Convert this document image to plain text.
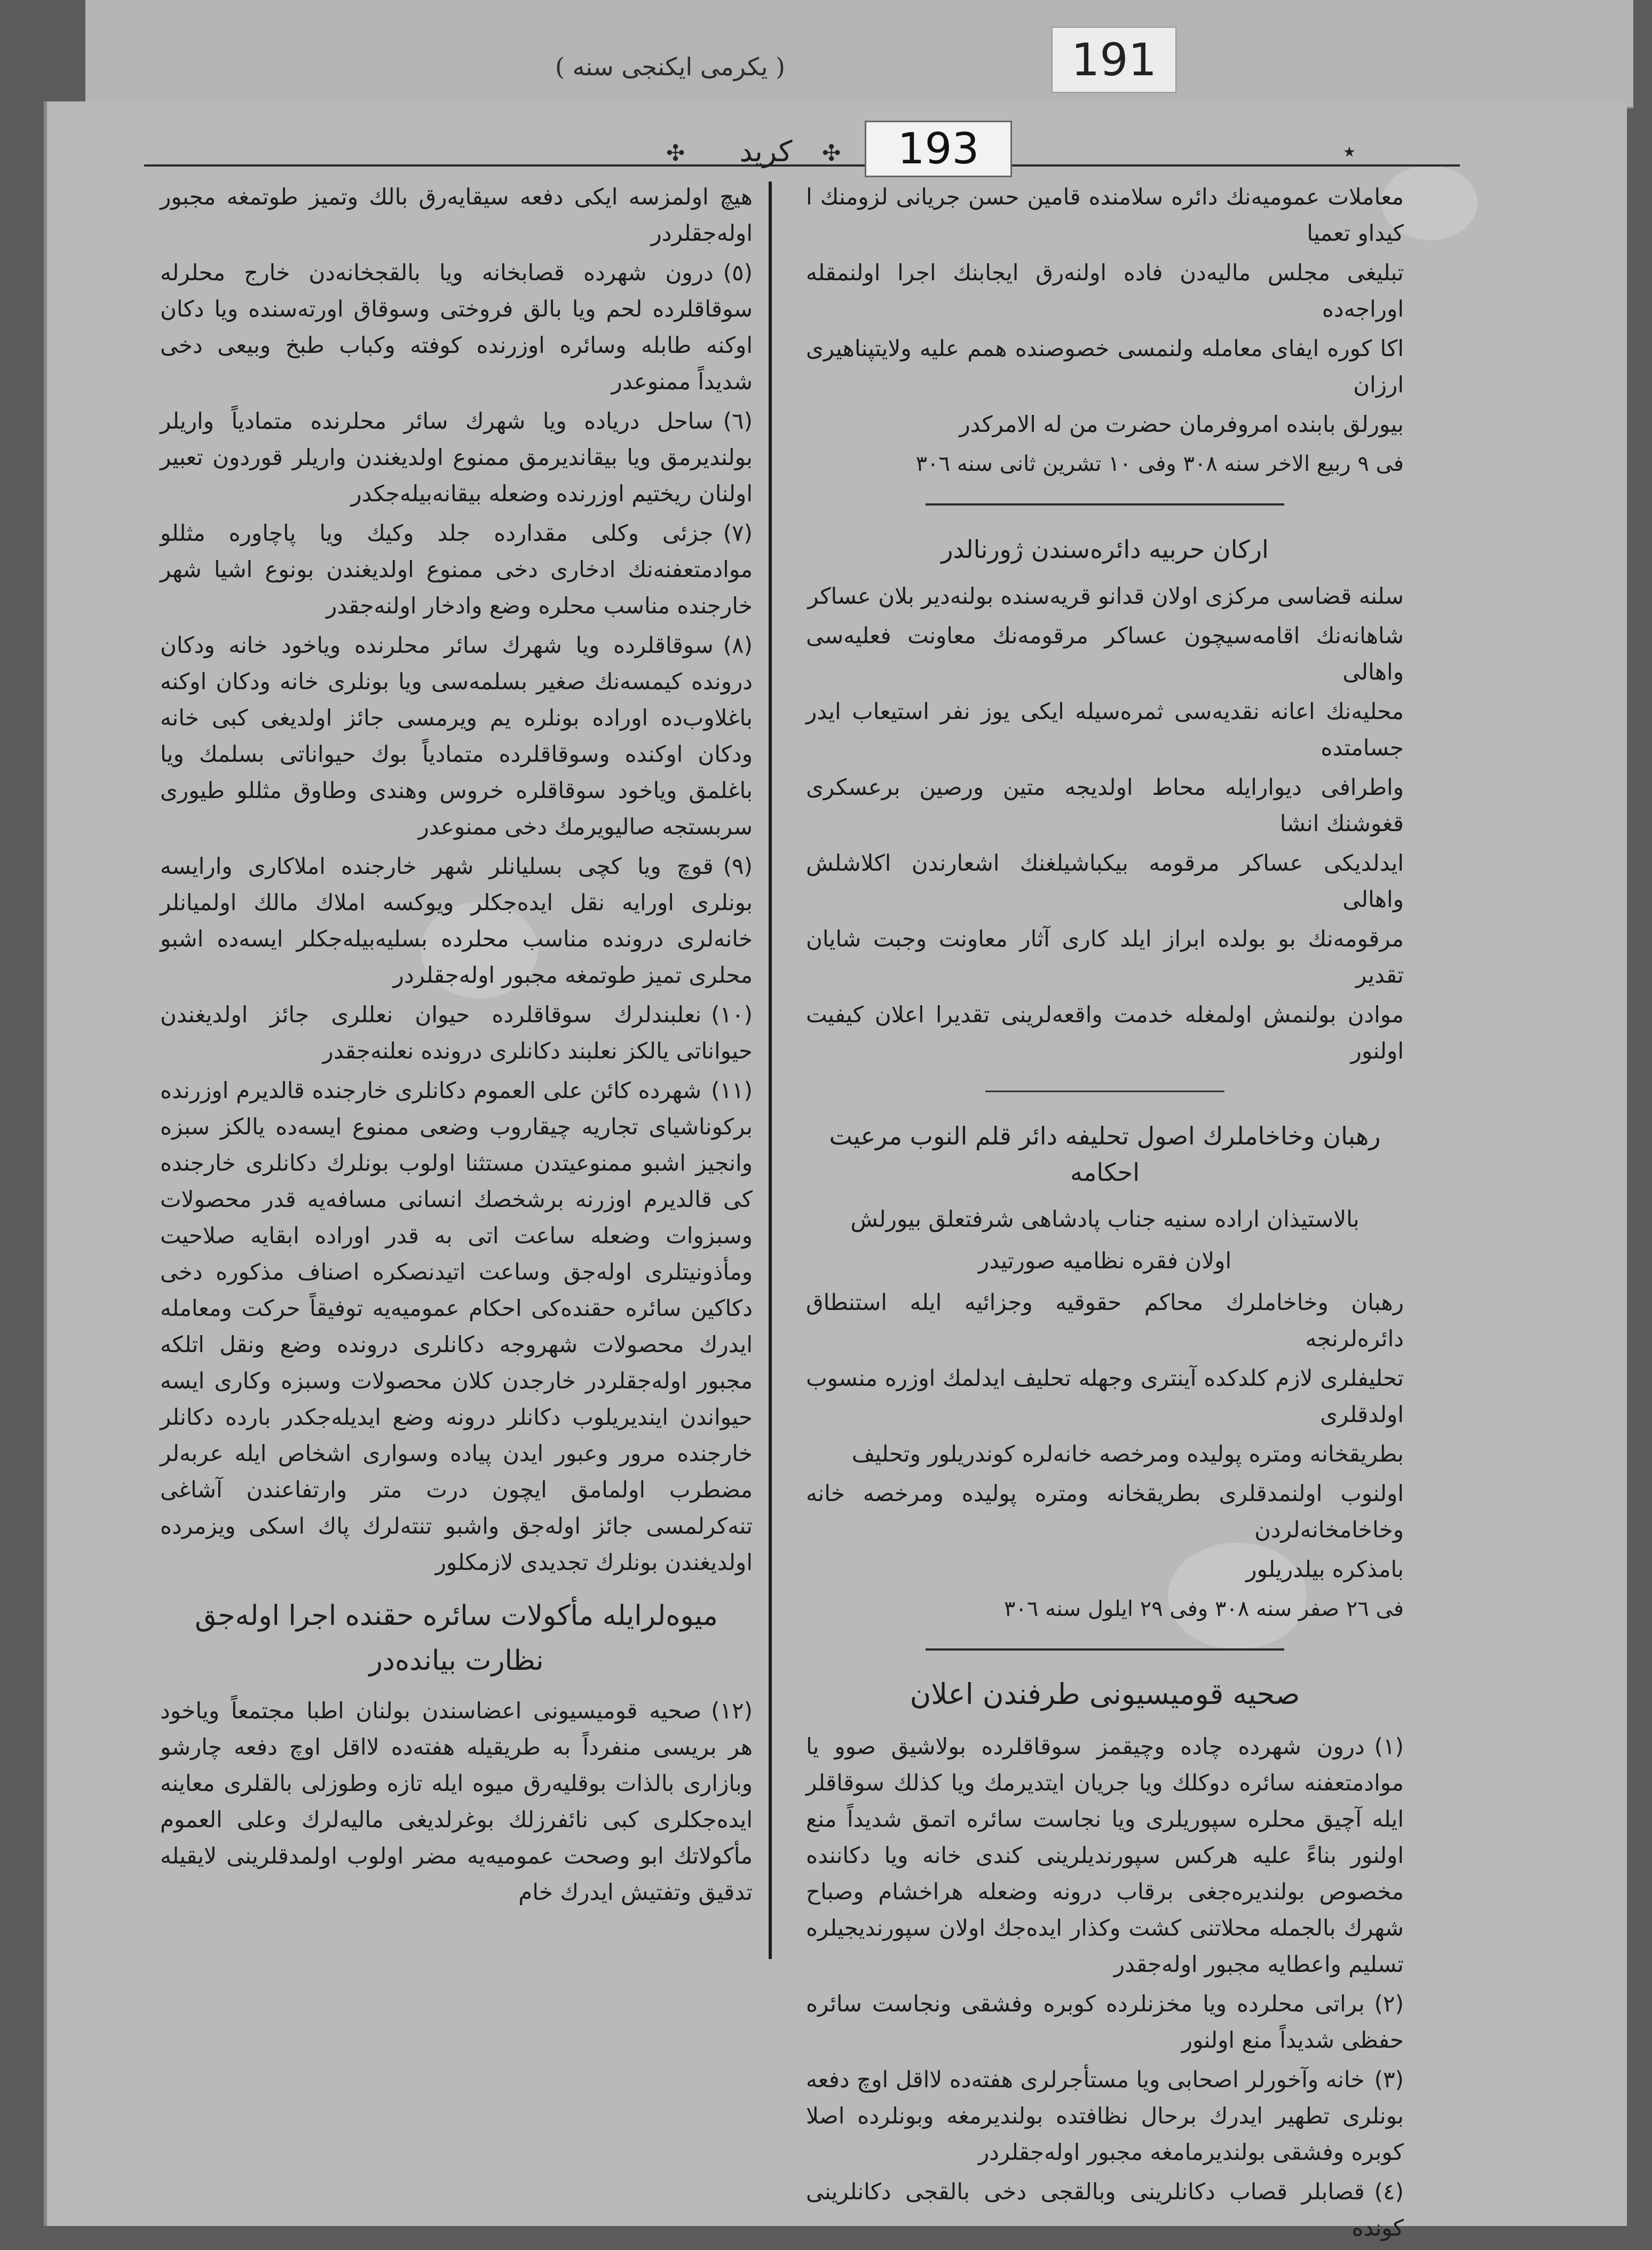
( یکرمی ایکنجی سنه )	191
✣	کرید	✣	193	٭

معاملات عمومیه‌نك دائره سلامنده قامین حسن جریانی لزومنك ا کیداو تعمیا

تبلیغی مجلس مالیه‌دن فاده اولنه‌رق ایجابنك اجرا اولنمقله اوراجه‌ده

اکا کوره ایفای معامله ولنمسی خصوصنده همم علیه ولایتپناهیری ارزان

بیورلق بابنده امروفرمان حضرت من له الامرکدر

فی ٩ ربیع الاخر سنه ٣٠٨ وفی ١٠ تشرین ثانی سنه ٣٠٦

ارکان حربیه دائره‌سندن ژورنالدر

سلنه قضاسی مرکزی اولان قدانو قریه‌سنده بولنه‌دیر بلان عساکر

شاهانه‌نك اقامه‌سیچون عساکر مرقومه‌نك معاونت فعلیه‌سی واهالی

محلیه‌نك اعانه نقدیه‌سی ثمره‌سیله ایکی یوز نفر استیعاب ایدر جسامتده

واطرافی دیوارایله محاط اولدیجه متین ورصین برعسکری قغوشنك انشا

ایدلدیکی عساکر مرقومه بیکباشیلغنك اشعارندن اکلاشلش واهالی

مرقومه‌نك بو بولده ابراز ایلد کاری آثار معاونت وجبت شایان تقدیر

موادن بولنمش اولمغله خدمت واقعه‌لرینی تقدیرا اعلان کیفیت اولنور

رهبان وخاخاملرك اصول تحلیفه دائر قلم النوب مرعیت احکامه
بالاستیذان اراده سنیه جناب پادشاهی شرفتعلق بیورلش
اولان فقره نظامیه صورتیدر

رهبان وخاخاملرك محاکم حقوقیه وجزائیه ایله استنطاق دائره‌لرنجه

تحلیفلری لازم کلدکده آینتری وجهله تحلیف ایدلمك اوزره منسوب اولدقلری

بطریقخانه ومتره پولیده ومرخصه خانه‌لره کوندریلور وتحلیف

اولنوب اولنمدقلری بطریقخانه ومتره پولیده ومرخصه خانه وخاخامخانه‌لردن

بامذکره بیلدریلور

فی ٢٦ صفر سنه ٣٠٨ وفی ٢٩ ایلول سنه ٣٠٦

صحیه قومیسیونی طرفندن اعلان

(١)درون شهرده چاده وچیقمز سوقاقلرده بولاشیق صوو یا موادمتعفنه سائره دوکلك ویا جریان ایتدیرمك ویا كذلك سوقاقلر ایله آچیق محلره سپوریلری ویا نجاست سائره اتمق شدیداً منع اولنور بناءً علیه هرکس سپورندیلرینی کندی خانه ویا دکاننده مخصوص بولندیره‌جغی برقاب درونه وضعله هراخشام وصباح شهرك بالجمله محلاتنی کشت وکذار ایده‌جك اولان سپورندیجیلره تسلیم واعطایه مجبور اوله‌جقدر

(٢)براتی محلرده ویا مخزنلرده کوبره وفشقی ونجاست سائره حفظی شدیداً منع اولنور

(٣)خانه وآخورلر اصحابی ویا مستأجرلری هفته‌ده لااقل اوچ دفعه بونلری تطهیر ایدرك برحال نظافتده بولندیرمغه وبونلرده اصلا کوبره وفشقی بولندیرمامغه مجبور اوله‌جقلردر

(٤)قصابلر قصاب دکانلرینی وبالقجی دخی بالقجی دکانلرینی کونده

هیچ اولمزسه ایکی دفعه سیقایه‌رق بالك وتمیز طوتمغه مجبور اوله‌جقلردر

(٥)درون شهرده قصابخانه ویا بالقجخانه‌دن خارج محلرله سوقاقلرده لحم ویا بالق فروختی وسوقاق اورته‌سنده ویا دکان اوکنه طابله وسائره اوزرنده کوفته وکباب طبخ وبیعی دخی شدیداً ممنوعدر

(٦)ساحل دریاده ویا شهرك سائر محلرنده متمادیاً واریلر بولندیرمق ویا بیقاندیرمق ممنوع اولدیغندن واریلر قوردون تعبیر اولنان ریختیم اوزرنده وضعله بیقانه‌بیله‌جکدر

(٧)جزئی وکلی مقدارده جلد وکیك ویا پاچاوره مثللو موادمتعفنه‌نك ادخاری دخی ممنوع اولدیغندن بونوع اشیا شهر خارجنده مناسب محلره وضع وادخار اولنه‌جقدر

(٨)سوقاقلرده ویا شهرك سائر محلرنده ویاخود خانه ودکان درونده کیمسه‌نك صغیر بسلمه‌سی ویا بونلری خانه ودکان اوکنه باغلاوب‌ده اوراده بونلره یم ویرمسی جائز اولدیغی کبی خانه ودکان اوکنده وسوقاقلرده متمادیاً بوك حیواناتی بسلمك ویا باغلمق ویاخود سوقاقلره خروس وهندی وطاوق مثللو طیوری سربستجه صالیویرمك دخی ممنوعدر

(٩)قوچ ویا کچی بسلیانلر شهر خارجنده املاکاری وارایسه بونلری اورایه نقل ایده‌جکلر ویوکسه املاك مالك اولمیانلر خانه‌لری درونده مناسب محلرده بسلیه‌بیله‌جکلر ایسه‌ده اشبو محلری تمیز طوتمغه مجبور اوله‌جقلردر

(١٠)نعلبندلرك سوقاقلرده حیوان نعللری جائز اولدیغندن حیواناتی یالکز نعلبند دکانلری درونده نعلنه‌جقدر

(١١)شهرده کائن علی العموم دکانلری خارجنده قالدیرم اوزرنده برکوناشیای تجاریه چیقاروب وضعی ممنوع ایسه‌ده یالکز سبزه وانجیز اشبو ممنوعیتدن مستثنا اولوب بونلرك دکانلری خارجنده کی قالدیرم اوزرنه برشخصك انسانی مسافه‌یه قدر محصولات وسبزوات وضعله ساعت اتی به قدر اوراده ابقایه صلاحیت ومأذونیتلری اوله‌جق وساعت اتیدنصکره اصناف مذکوره دخی دکاکین سائره حقنده‌کی احکام عمومیه‌یه توفیقاً حرکت ومعامله ایدرك محصولات شهرو‌جه دکانلری درونده وضع ونقل اتلکه مجبور اوله‌جقلردر خارجدن کلان محصولات وسبزه وکاری ایسه حیواندن ایندیریلوب دکانلر درونه وضع ایدیله‌جکدر بارده دکانلر خارجنده مرور وعبور ایدن پیاده وسواری اشخاص ایله عربه‌لر مضطرب اولمامق ایچون درت متر وارتفاعندن آشاغی تنه‌کرلمسی جائز اوله‌جق واشبو تنته‌لرك پاك اسکی ویزمرده اولدیغندن بونلرك تجدیدی لازمکلور

میوه‌لرایله مأکولات سائره حقنده اجرا اوله‌جق
نظارت بیانده‌در

(١٢)صحیه قومیسیونی اعضاسندن بولنان اطبا مجتمعاً ویاخود هر بریسی منفرداً به طریقیله هفته‌ده لااقل اوچ دفعه چارشو وبازاری بالذات بوقلیه‌رق میوه ایله تازه وطوزلی بالقلری معاینه ایده‌جکلری کبی نائفرزلك بوغرلدیغی مالیه‌لرك وعلی العموم مأکولاتك ابو وصحت عمومیه‌یه مضر اولوب اولمدقلرینی لایقیله تدقیق وتفتیش ایدرك خام
